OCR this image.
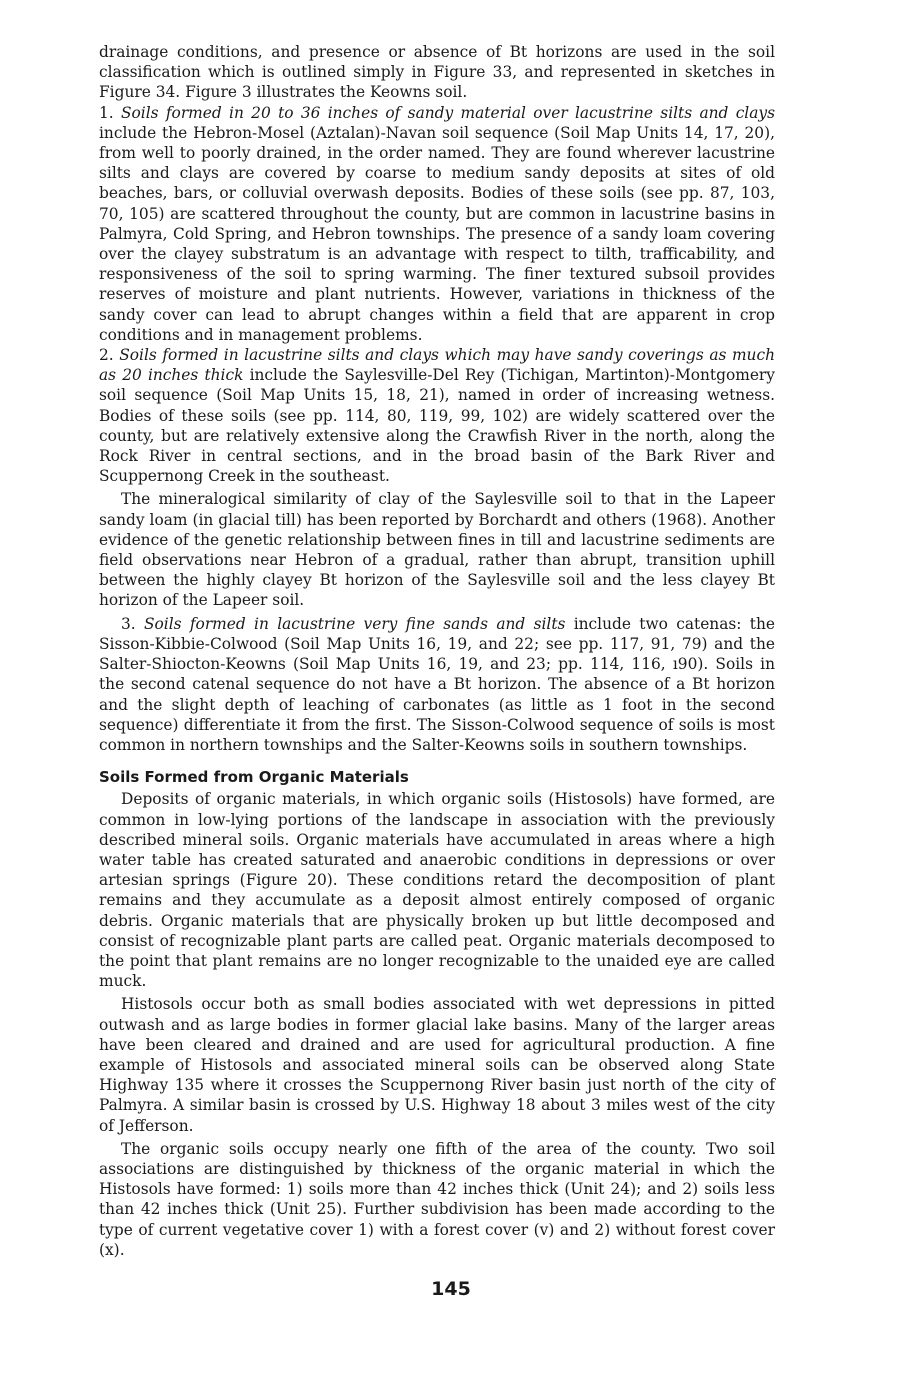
drainage conditions, and presence or absence of Bt horizons are used in the soil classification which is outlined simply in Figure 33, and represented in sketches in Figure 34. Figure 3 illustrates the Keowns soil.

1. Soils formed in 20 to 36 inches of sandy material over lacustrine silts and clays include the Hebron-Mosel (Aztalan)-Navan soil sequence (Soil Map Units 14, 17, 20), from well to poorly drained, in the order named. They are found wherever lacustrine silts and clays are covered by coarse to medium sandy deposits at sites of old beaches, bars, or colluvial overwash deposits. Bodies of these soils (see pp. 87, 103, 70, 105) are scattered throughout the county, but are common in lacustrine basins in Palmyra, Cold Spring, and Hebron townships. The presence of a sandy loam covering over the clayey substratum is an advantage with respect to tilth, trafficability, and responsiveness of the soil to spring warming. The finer textured subsoil provides reserves of moisture and plant nutrients. However, variations in thickness of the sandy cover can lead to abrupt changes within a field that are apparent in crop conditions and in management problems.

2. Soils formed in lacustrine silts and clays which may have sandy coverings as much as 20 inches thick include the Saylesville-Del Rey (Tichigan, Martinton)-Montgomery soil sequence (Soil Map Units 15, 18, 21), named in order of increasing wetness. Bodies of these soils (see pp. 114, 80, 119, 99, 102) are widely scattered over the county, but are relatively extensive along the Crawfish River in the north, along the Rock River in central sections, and in the broad basin of the Bark River and Scuppernong Creek in the southeast.

The mineralogical similarity of clay of the Saylesville soil to that in the Lapeer sandy loam (in glacial till) has been reported by Borchardt and others (1968). Another evidence of the genetic relationship between fines in till and lacustrine sediments are field observations near Hebron of a gradual, rather than abrupt, transition uphill between the highly clayey Bt horizon of the Saylesville soil and the less clayey Bt horizon of the Lapeer soil.

3. Soils formed in lacustrine very fine sands and silts include two catenas: the Sisson-Kibbie-Colwood (Soil Map Units 16, 19, and 22; see pp. 117, 91, 79) and the Salter-Shiocton-Keowns (Soil Map Units 16, 19, and 23; pp. 114, 116, ı90). Soils in the second catenal sequence do not have a Bt horizon. The absence of a Bt horizon and the slight depth of leaching of carbonates (as little as 1 foot in the second sequence) differentiate it from the first. The Sisson-Colwood sequence of soils is most common in northern townships and the Salter-Keowns soils in southern townships.

Soils Formed from Organic Materials

Deposits of organic materials, in which organic soils (Histosols) have formed, are common in low-lying portions of the landscape in association with the previously described mineral soils. Organic materials have accumulated in areas where a high water table has created saturated and anaerobic conditions in depressions or over artesian springs (Figure 20). These conditions retard the decomposition of plant remains and they accumulate as a deposit almost entirely composed of organic debris. Organic materials that are physically broken up but little decomposed and consist of recognizable plant parts are called peat. Organic materials decomposed to the point that plant remains are no longer recognizable to the unaided eye are called muck.

Histosols occur both as small bodies associated with wet depressions in pitted outwash and as large bodies in former glacial lake basins. Many of the larger areas have been cleared and drained and are used for agricultural production. A fine example of Histosols and associated mineral soils can be observed along State Highway 135 where it crosses the Scuppernong River basin just north of the city of Palmyra. A similar basin is crossed by U.S. Highway 18 about 3 miles west of the city of Jefferson.

The organic soils occupy nearly one fifth of the area of the county. Two soil associations are distinguished by thickness of the organic material in which the Histosols have formed: 1) soils more than 42 inches thick (Unit 24); and 2) soils less than 42 inches thick (Unit 25). Further subdivision has been made according to the type of current vegetative cover 1) with a forest cover (v) and 2) without forest cover (x).

145
